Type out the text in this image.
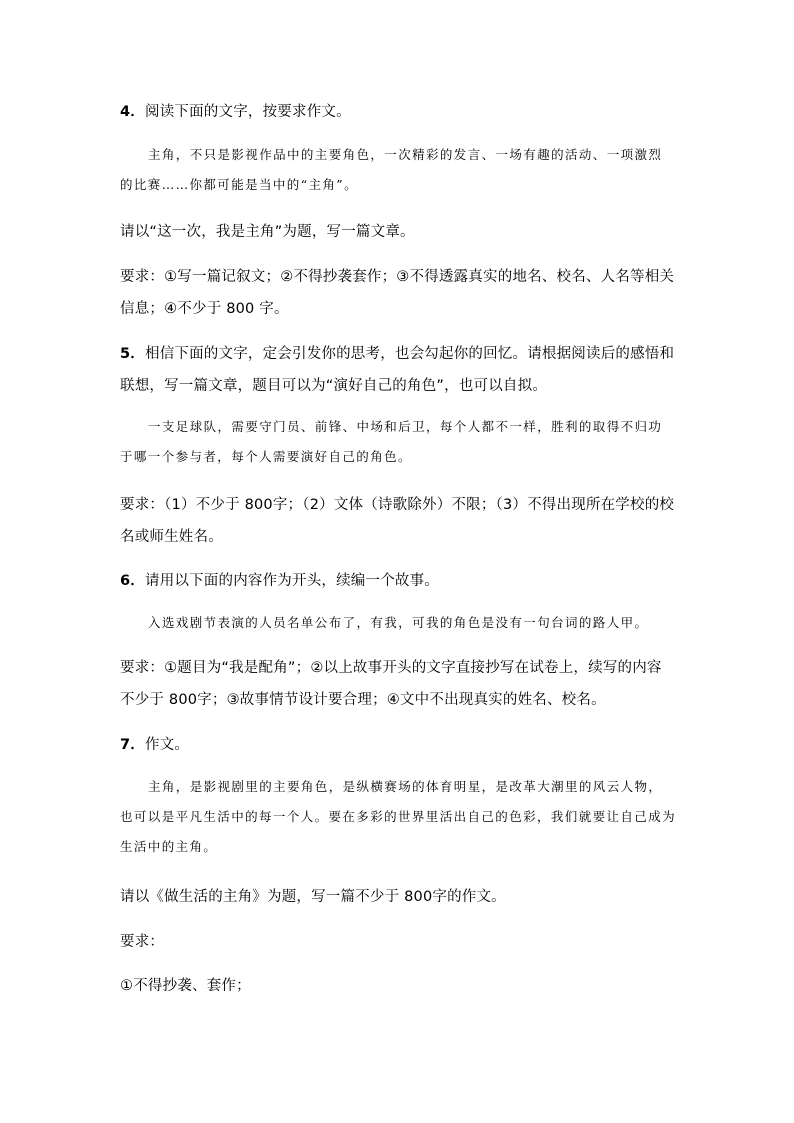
4．阅读下面的文字，按要求作文。

主角，不只是影视作品中的主要角色，一次精彩的发言、一场有趣的活动、一项激烈的比赛……你都可能是当中的“主角”。

请以“这一次，我是主角”为题，写一篇文章。

要求：①写一篇记叙文；②不得抄袭套作；③不得透露真实的地名、校名、人名等相关信息；④不少于 800 字。

5．相信下面的文字，定会引发你的思考，也会勾起你的回忆。请根据阅读后的感悟和联想，写一篇文章，题目可以为“演好自己的角色”，也可以自拟。

一支足球队，需要守门员、前锋、中场和后卫，每个人都不一样，胜利的取得不归功于哪一个参与者，每个人需要演好自己的角色。

要求：（1）不少于 800字；（2）文体（诗歌除外）不限；（3）不得出现所在学校的校名或师生姓名。

6．请用以下面的内容作为开头，续编一个故事。

入选戏剧节表演的人员名单公布了，有我，可我的角色是没有一句台词的路人甲。

要求：①题目为“我是配角”；②以上故事开头的文字直接抄写在试卷上，续写的内容不少于 800字；③故事情节设计要合理；④文中不出现真实的姓名、校名。

7．作文。

主角，是影视剧里的主要角色，是纵横赛场的体育明星，是改革大潮里的风云人物，也可以是平凡生活中的每一个人。要在多彩的世界里活出自己的色彩，我们就要让自己成为生活中的主角。

请以《做生活的主角》为题，写一篇不少于 800字的作文。

要求：

①不得抄袭、套作；
